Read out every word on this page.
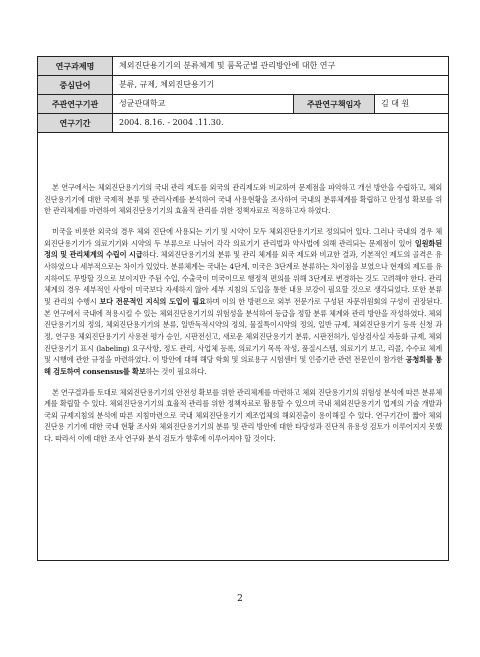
연구과제명	체외진단용기기의 분류체계 및 품목군별 관리방안에 대한 연구		
중심단어	분류, 규제, 체외진단용기기		
주관연구기관	성균관대학교	주관연구책임자	김 대 원
연구기간	2004. 8.16. - 2004 .11.30.		

본 연구에서는 체외진단용기기의 국내 관리 제도를 외국의 관리제도와 비교하여 문제점을 파악하고 개선 방안을 수립하고, 체외진단용기기에 대한 국제적 분류 및 관리사례를 분석하여 국내 사용현황을 조사하여 국내의 분류체계를 확립하고 안정성 확보를 위한 관리체계를 마련하여 체외진단용기기의 효율적 관리를 위한 정책자료로 적용하고자 하였다.

미국을 비롯한 외국의 경우 체외 진단에 사용되는 기기 및 시약이 모두 체외진단용기기로 정의되어 있다. 그러나 국내의 경우 체외진단용기기가 의료기기와 시약의 두 부류으로 나뉘어 각각 의료기기 관리법과 약사법에 의해 관리되는 문제점이 있어 일원화된 정의 및 관리체계의 수립이 시급하다. 체외진단용기기의 분류 및 관리 체계를 외국 제도와 비교한 결과, 기본적인 제도의 골격은 유사하였으나 세부적으로는 차이가 있었다. 분류체계는 국내는 4단계, 미국은 3단계로 분류하는 차이점을 보였으나 현재의 제도를 유지하여도 무방할 것으로 보이지만 주된 수입, 수출국이 미국이므로 행정적 편의를 위해 3단계로 변경하는 것도 고려해야 한다. 관리 체계의 경우 세부적인 사항이 미국보다 자세하지 않아 세부 지침의 도입을 통한 내용 보강이 필요할 것으로 생각되었다. 또한 분류 및 관리의 수행시 보다 전문적인 지식의 도입이 필요하며 이의 한 방편으로 외부 전문가로 구성된 자문위원회의 구성이 권장된다. 본 연구에서 국내에 적용시킬 수 있는 체외진단용기기의 위험성을 분석하여 등급을 정할 분류 체계와 관리 방안을 작성하였다. 체외진단용기기의 정의, 체외진단용기기의 분류, 일반독적시약의 정의, 물질특이시약의 정의, 일반 규제, 체외진단용기기 등록 신청 과정, 연구용 체외진단용기기 사용전 평가 승인, 시판전신고, 새로운 체외진단용기기 분류, 시판전허가, 임상검사실 자동화 규제, 체외진단용기기 표시 (labeling) 요구사항, 정도 관리, 사업체 등록, 의료기기 목록 작성, 품질시스템, 의료기기 보고, 리콜, 수수료 체계 및 시행에 관한 규정을 마련하였다. 이 방안에 대해 해당 학회 및 의료용구 시험센터 및 인증기관 관련 전문인이 참가한 공청회를 통해 검토하여 consensus를 확보하는 것이 필요하다.

본 연구결과를 토대로 체외진단용기기의 안전성 확보를 위한 관리체계를 마련하고 체외 진단용기기의 위험성 분석에 따른 분류체계를 확립할 수 있다. 체외진단용기기의 효율적 관리를 위한 정책자료로 활용할 수 있으며 국내 체외진단용기기 업계의 기술 개발과 국외 규제지침의 분석에 따른 지침마련으로 국내 체외진단용기기 제조업체의 해외진출이 용이해질 수 있다. 연구기간이 짧아 체외 진단용 기기에 대한 국내 현황 조사와 체외진단용기기의 분류 및 관리 방안에 대한 타당성과 진단적 유용성 검토가 이루어지지 못했다. 따라서 이에 대한 조사 연구와 분석 검토가 향후에 이루어져야 할 것이다.

2
